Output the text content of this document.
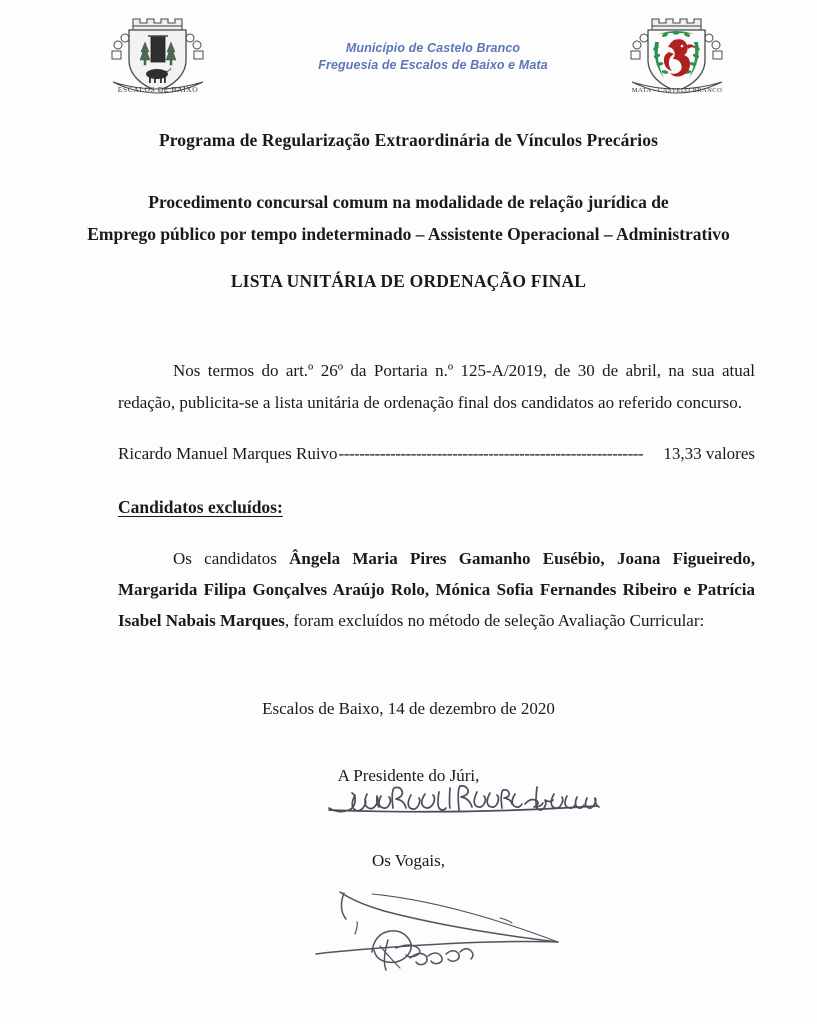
ESCALOS DE BAIXO
Município de Castelo Branco
Freguesia de Escalos de Baixo e Mata
MATA - CASTELO BRANCO
Programa de Regularização Extraordinária de Vínculos Precários
Procedimento concursal comum na modalidade de relação jurídica de
Emprego público por tempo indeterminado – Assistente Operacional – Administrativo
LISTA UNITÁRIA DE ORDENAÇÃO FINAL
Nos termos do art.º 26º da Portaria n.º 125-A/2019, de 30 de abril, na sua atual redação, publicita-se a lista unitária de ordenação final dos candidatos ao referido concurso.
Ricardo Manuel Marques Ruivo -----------------------------------------------------------	13,33 valores
Candidatos excluídos:
Os candidatos Ângela Maria Pires Gamanho Eusébio, Joana Figueiredo, Margarida Filipa Gonçalves Araújo Rolo, Mónica Sofia Fernandes Ribeiro e Patrícia Isabel Nabais Marques, foram excluídos no método de seleção Avaliação Curricular:
Escalos de Baixo, 14 de dezembro de 2020
A Presidente do Júri,
Os Vogais,
